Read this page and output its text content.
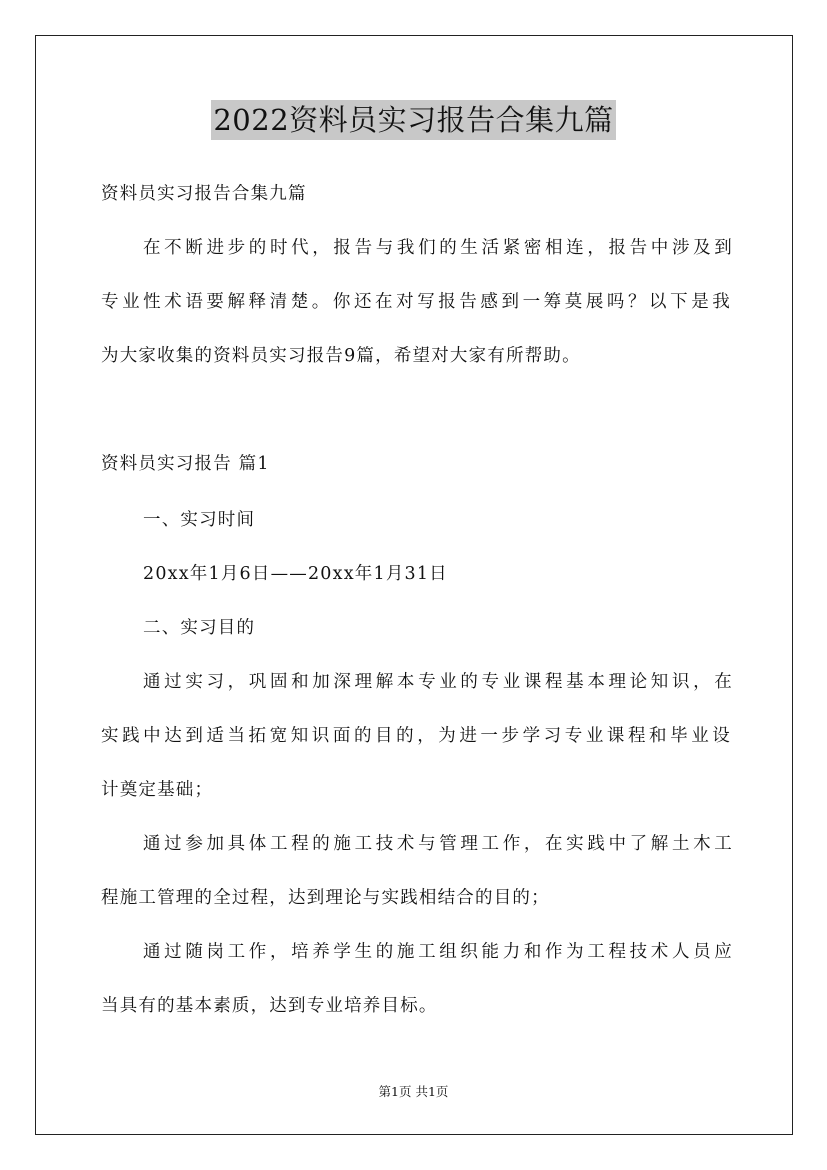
2022资料员实习报告合集九篇
资料员实习报告合集九篇
在不断进步的时代，报告与我们的生活紧密相连，报告中涉及到
专业性术语要解释清楚。你还在对写报告感到一筹莫展吗？以下是我
为大家收集的资料员实习报告9篇，希望对大家有所帮助。
资料员实习报告 篇1
一、实习时间
20xx年1月6日——20xx年1月31日
二、实习目的
通过实习，巩固和加深理解本专业的专业课程基本理论知识，在
实践中达到适当拓宽知识面的目的，为进一步学习专业课程和毕业设
计奠定基础；
通过参加具体工程的施工技术与管理工作，在实践中了解土木工
程施工管理的全过程，达到理论与实践相结合的目的；
通过随岗工作，培养学生的施工组织能力和作为工程技术人员应
当具有的基本素质，达到专业培养目标。
第1页 共1页
